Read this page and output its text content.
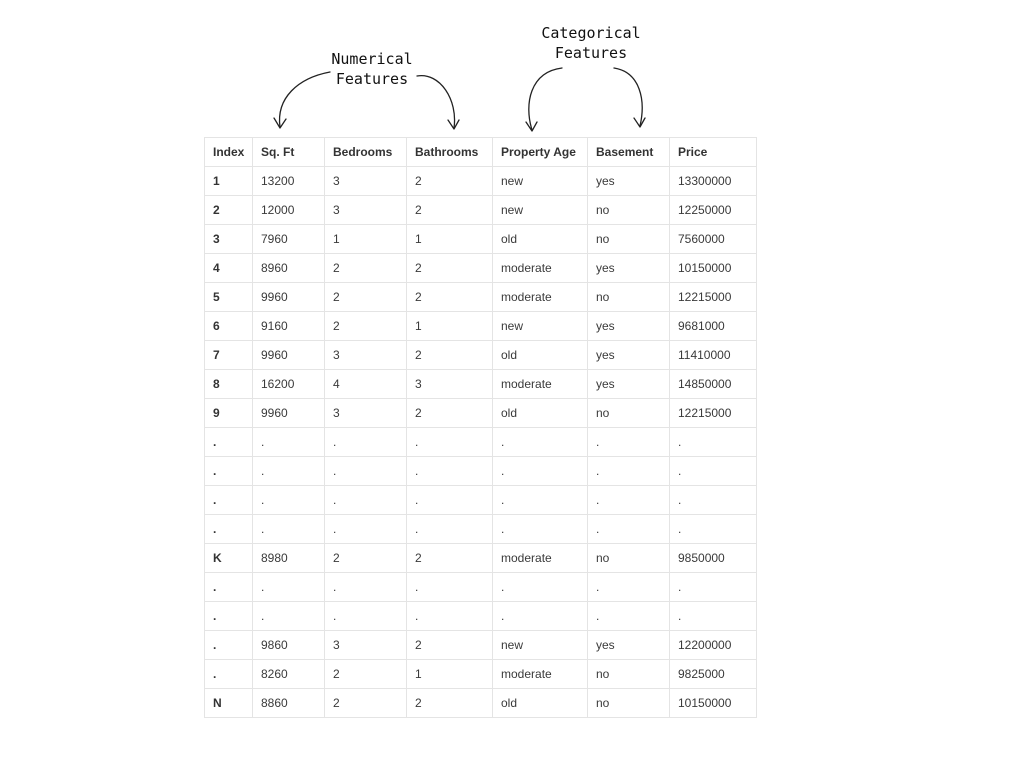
Numerical
Features
Categorical
Features
Index	Sq. Ft	Bedrooms	Bathrooms	Property Age	Basement	Price
1	13200	3	2	new	yes	13300000
2	12000	3	2	new	no	12250000
3	7960	1	1	old	no	7560000
4	8960	2	2	moderate	yes	10150000
5	9960	2	2	moderate	no	12215000
6	9160	2	1	new	yes	9681000
7	9960	3	2	old	yes	11410000
8	16200	4	3	moderate	yes	14850000
9	9960	3	2	old	no	12215000
.	.	.	.	.	.	.
.	.	.	.	.	.	.
.	.	.	.	.	.	.
.	.	.	.	.	.	.
K	8980	2	2	moderate	no	9850000
.	.	.	.	.	.	.
.	.	.	.	.	.	.
.	9860	3	2	new	yes	12200000
.	8260	2	1	moderate	no	9825000
N	8860	2	2	old	no	10150000
